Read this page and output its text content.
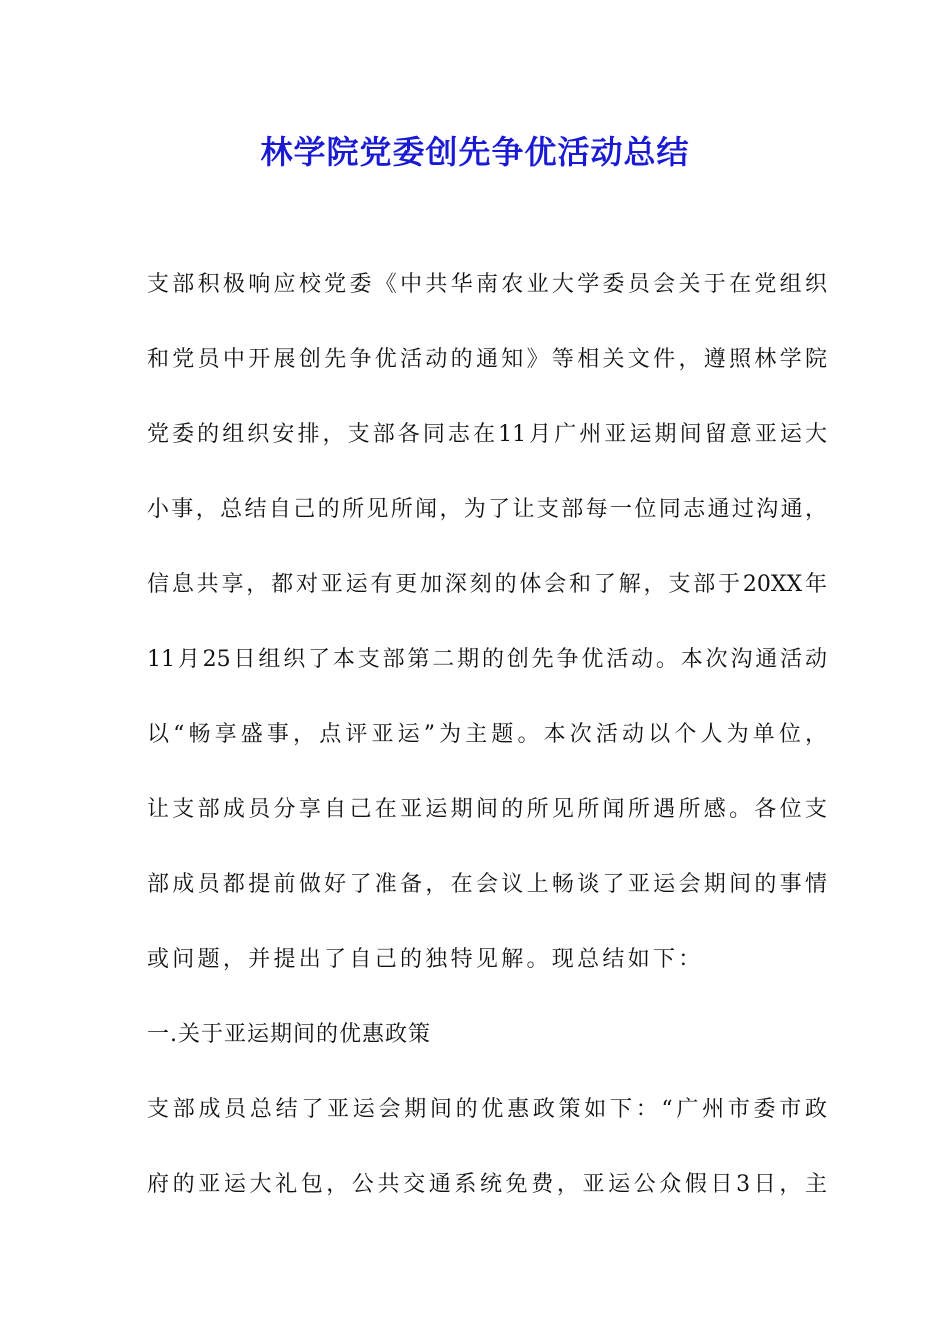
林学院党委创先争优活动总结
支部积极响应校党委《中共华南农业大学委员会关于在党组织
和党员中开展创先争优活动的通知》等相关文件，遵照林学院
党委的组织安排，支部各同志在11月广州亚运期间留意亚运大
小事，总结自己的所见所闻，为了让支部每一位同志通过沟通，
信息共享，都对亚运有更加深刻的体会和了解，支部于20XX年
11月25日组织了本支部第二期的创先争优活动。本次沟通活动
以“畅享盛事，点评亚运”为主题。本次活动以个人为单位，
让支部成员分享自己在亚运期间的所见所闻所遇所感。各位支
部成员都提前做好了准备，在会议上畅谈了亚运会期间的事情
或问题，并提出了自己的独特见解。现总结如下：
一.关于亚运期间的优惠政策
支部成员总结了亚运会期间的优惠政策如下：“广州市委市政
府的亚运大礼包，公共交通系统免费，亚运公众假日3日，主
